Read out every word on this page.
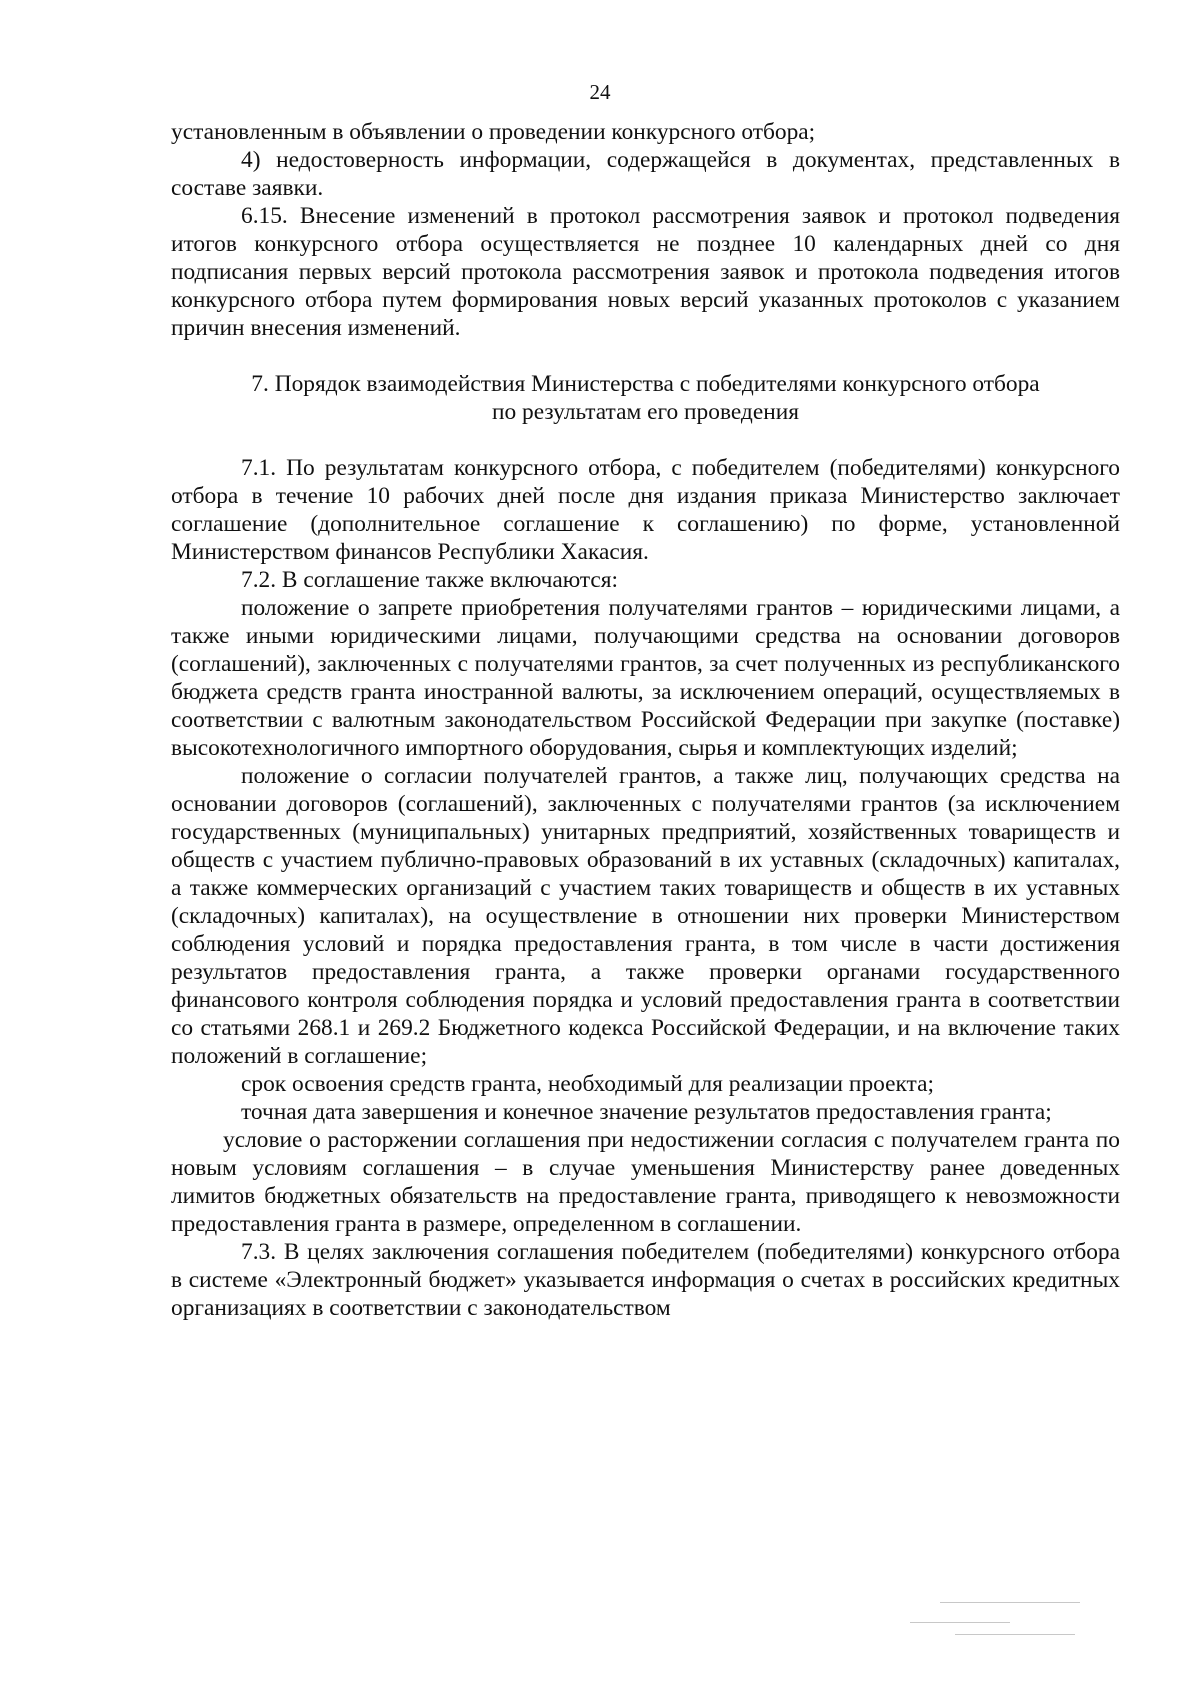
24

установленным в объявлении о проведении конкурсного отбора;

4) недостоверность информации, содержащейся в документах, представленных в составе заявки.

6.15. Внесение изменений в протокол рассмотрения заявок и протокол подведения итогов конкурсного отбора осуществляется не позднее 10 календарных дней со дня подписания первых версий протокола рассмотрения заявок и протокола подведения итогов конкурсного отбора путем формирования новых версий указанных протоколов с указанием причин внесения изменений.

7. Порядок взаимодействия Министерства с победителями конкурсного отбора
по результатам его проведения

7.1. По результатам конкурсного отбора, с победителем (победителями) конкурсного отбора в течение 10 рабочих дней после дня издания приказа Министерство заключает соглашение (дополнительное соглашение к соглашению) по форме, установленной Министерством финансов Республики Хакасия.

7.2. В соглашение также включаются:

положение о запрете приобретения получателями грантов – юридическими лицами, а также иными юридическими лицами, получающими средства на основании договоров (соглашений), заключенных с получателями грантов, за счет полученных из республиканского бюджета средств гранта иностранной валюты, за исключением операций, осуществляемых в соответствии с валютным законодательством Российской Федерации при закупке (поставке) высокотехнологичного импортного оборудования, сырья и комплектующих изделий;

положение о согласии получателей грантов, а также лиц, получающих средства на основании договоров (соглашений), заключенных с получателями грантов (за исключением государственных (муниципальных) унитарных предприятий, хозяйственных товариществ и обществ с участием публично-правовых образований в их уставных (складочных) капиталах, а также коммерческих организаций с участием таких товариществ и обществ в их уставных (складочных) капиталах), на осуществление в отношении них проверки Министерством соблюдения условий и порядка предоставления гранта, в том числе в части достижения результатов предоставления гранта, а также проверки органами государственного финансового контроля соблюдения порядка и условий предоставления гранта в соответствии со статьями 268.1 и 269.2 Бюджетного кодекса Российской Федерации, и на включение таких положений в соглашение;

срок освоения средств гранта, необходимый для реализации проекта;

точная дата завершения и конечное значение результатов предоставления гранта;

условие о расторжении соглашения при недостижении согласия с получателем гранта по новым условиям соглашения – в случае уменьшения Министерству ранее доведенных лимитов бюджетных обязательств на предоставление гранта, приводящего к невозможности предоставления гранта в размере, определенном в соглашении.

7.3. В целях заключения соглашения победителем (победителями) конкурсного отбора в системе «Электронный бюджет» указывается информация о счетах в российских кредитных организациях в соответствии с законодательством
